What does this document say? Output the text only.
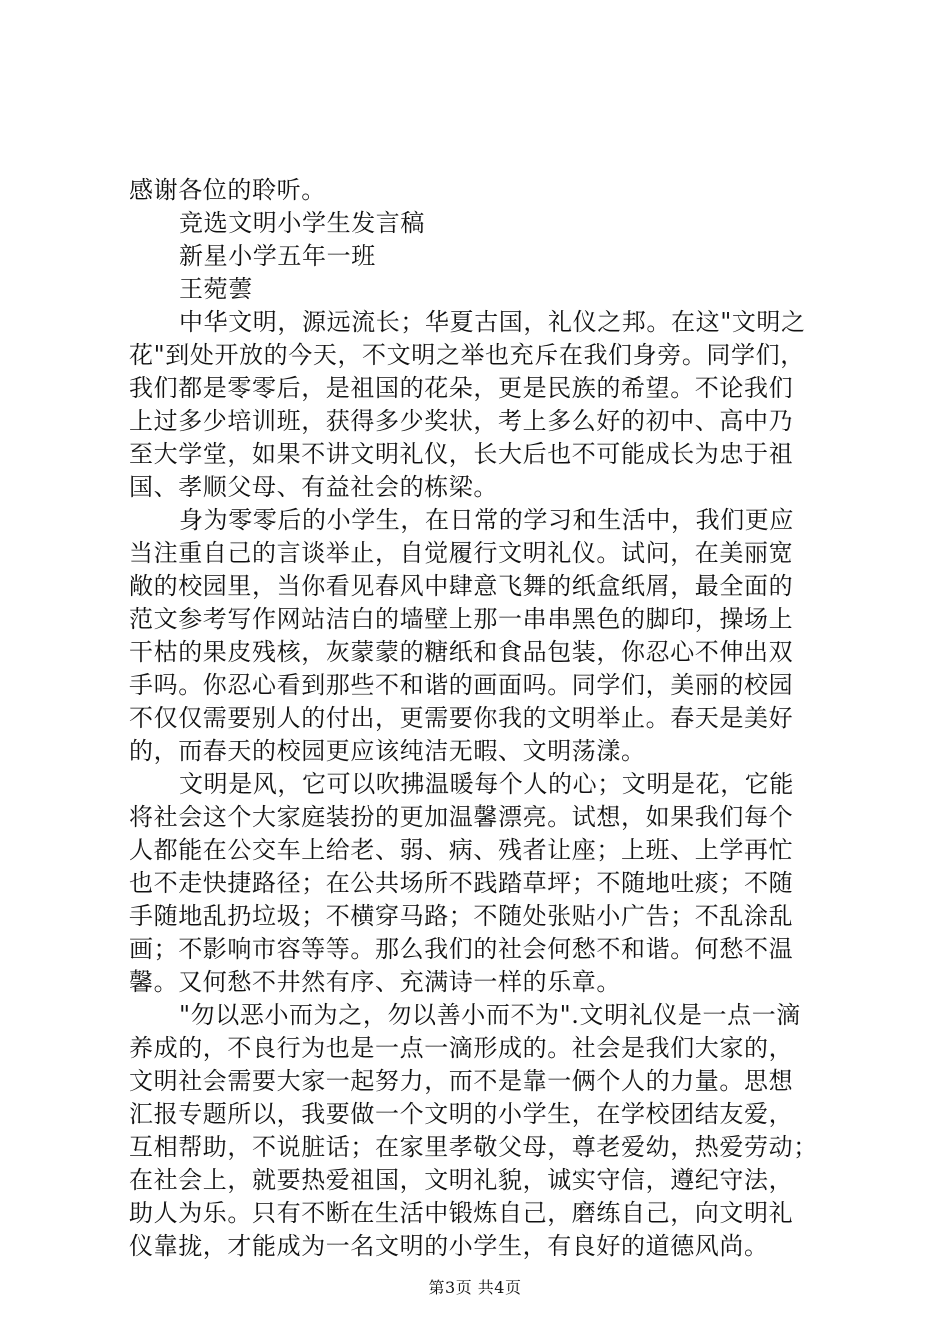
感谢各位的聆听。
竞选文明小学生发言稿
新星小学五年一班
王菀蕓
中华文明，源远流长；华夏古国，礼仪之邦。在这"文明之
花"到处开放的今天，不文明之举也充斥在我们身旁。同学们，
我们都是零零后，是祖国的花朵，更是民族的希望。不论我们
上过多少培训班，获得多少奖状，考上多么好的初中、高中乃
至大学堂，如果不讲文明礼仪，长大后也不可能成长为忠于祖
国、孝顺父母、有益社会的栋梁。
身为零零后的小学生，在日常的学习和生活中，我们更应
当注重自己的言谈举止，自觉履行文明礼仪。试问，在美丽宽
敞的校园里，当你看见春风中肆意飞舞的纸盒纸屑，最全面的
范文参考写作网站洁白的墙壁上那一串串黑色的脚印，操场上
干枯的果皮残核，灰蒙蒙的糖纸和食品包装，你忍心不伸出双
手吗。你忍心看到那些不和谐的画面吗。同学们，美丽的校园
不仅仅需要别人的付出，更需要你我的文明举止。春天是美好
的，而春天的校园更应该纯洁无暇、文明荡漾。
文明是风，它可以吹拂温暖每个人的心；文明是花，它能
将社会这个大家庭装扮的更加温馨漂亮。试想，如果我们每个
人都能在公交车上给老、弱、病、残者让座；上班、上学再忙
也不走快捷路径；在公共场所不践踏草坪；不随地吐痰；不随
手随地乱扔垃圾；不横穿马路；不随处张贴小广告；不乱涂乱
画；不影响市容等等。那么我们的社会何愁不和谐。何愁不温
馨。又何愁不井然有序、充满诗一样的乐章。
"勿以恶小而为之，勿以善小而不为".文明礼仪是一点一滴
养成的，不良行为也是一点一滴形成的。社会是我们大家的，
文明社会需要大家一起努力，而不是靠一俩个人的力量。思想
汇报专题所以，我要做一个文明的小学生，在学校团结友爱，
互相帮助，不说脏话；在家里孝敬父母，尊老爱幼，热爱劳动；
在社会上，就要热爱祖国，文明礼貌，诚实守信，遵纪守法，
助人为乐。只有不断在生活中锻炼自己，磨练自己，向文明礼
仪靠拢，才能成为一名文明的小学生，有良好的道德风尚。
第3页 共4页
